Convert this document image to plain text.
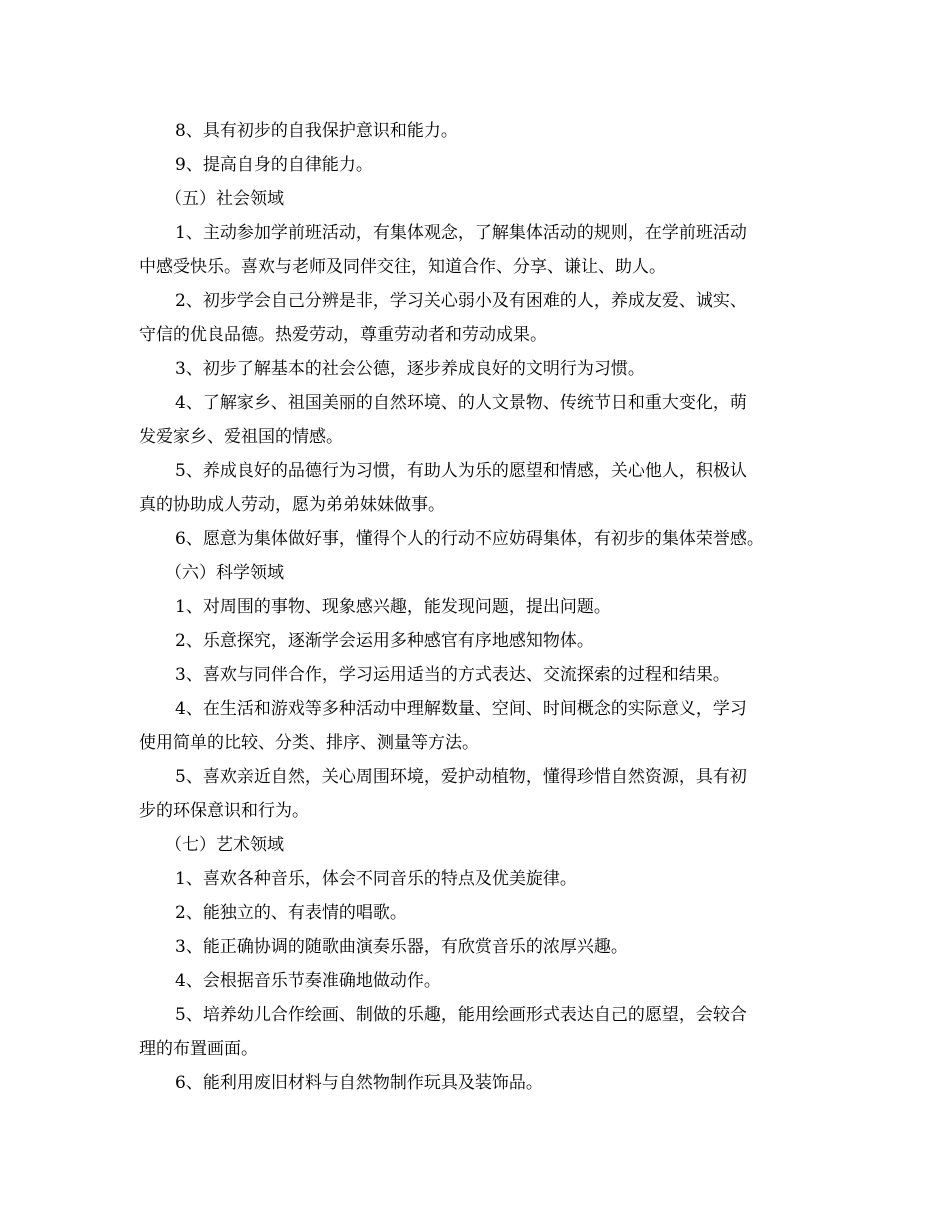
8、具有初步的自我保护意识和能力。
9、提高自身的自律能力。
（五）社会领域
1、主动参加学前班活动，有集体观念，了解集体活动的规则，在学前班活动
中感受快乐。喜欢与老师及同伴交往，知道合作、分享、谦让、助人。
2、初步学会自己分辨是非，学习关心弱小及有困难的人，养成友爱、诚实、
守信的优良品德。热爱劳动，尊重劳动者和劳动成果。
3、初步了解基本的社会公德，逐步养成良好的文明行为习惯。
4、了解家乡、祖国美丽的自然环境、的人文景物、传统节日和重大变化，萌
发爱家乡、爱祖国的情感。
5、养成良好的品德行为习惯，有助人为乐的愿望和情感，关心他人，积极认
真的协助成人劳动，愿为弟弟妹妹做事。
6、愿意为集体做好事，懂得个人的行动不应妨碍集体，有初步的集体荣誉感。
（六）科学领域
1、对周围的事物、现象感兴趣，能发现问题，提出问题。
2、乐意探究，逐渐学会运用多种感官有序地感知物体。
3、喜欢与同伴合作，学习运用适当的方式表达、交流探索的过程和结果。
4、在生活和游戏等多种活动中理解数量、空间、时间概念的实际意义，学习
使用简单的比较、分类、排序、测量等方法。
5、喜欢亲近自然，关心周围环境，爱护动植物，懂得珍惜自然资源，具有初
步的环保意识和行为。
（七）艺术领域
1、喜欢各种音乐，体会不同音乐的特点及优美旋律。
2、能独立的、有表情的唱歌。
3、能正确协调的随歌曲演奏乐器，有欣赏音乐的浓厚兴趣。
4、会根据音乐节奏准确地做动作。
5、培养幼儿合作绘画、制做的乐趣，能用绘画形式表达自己的愿望，会较合
理的布置画面。
6、能利用废旧材料与自然物制作玩具及装饰品。
